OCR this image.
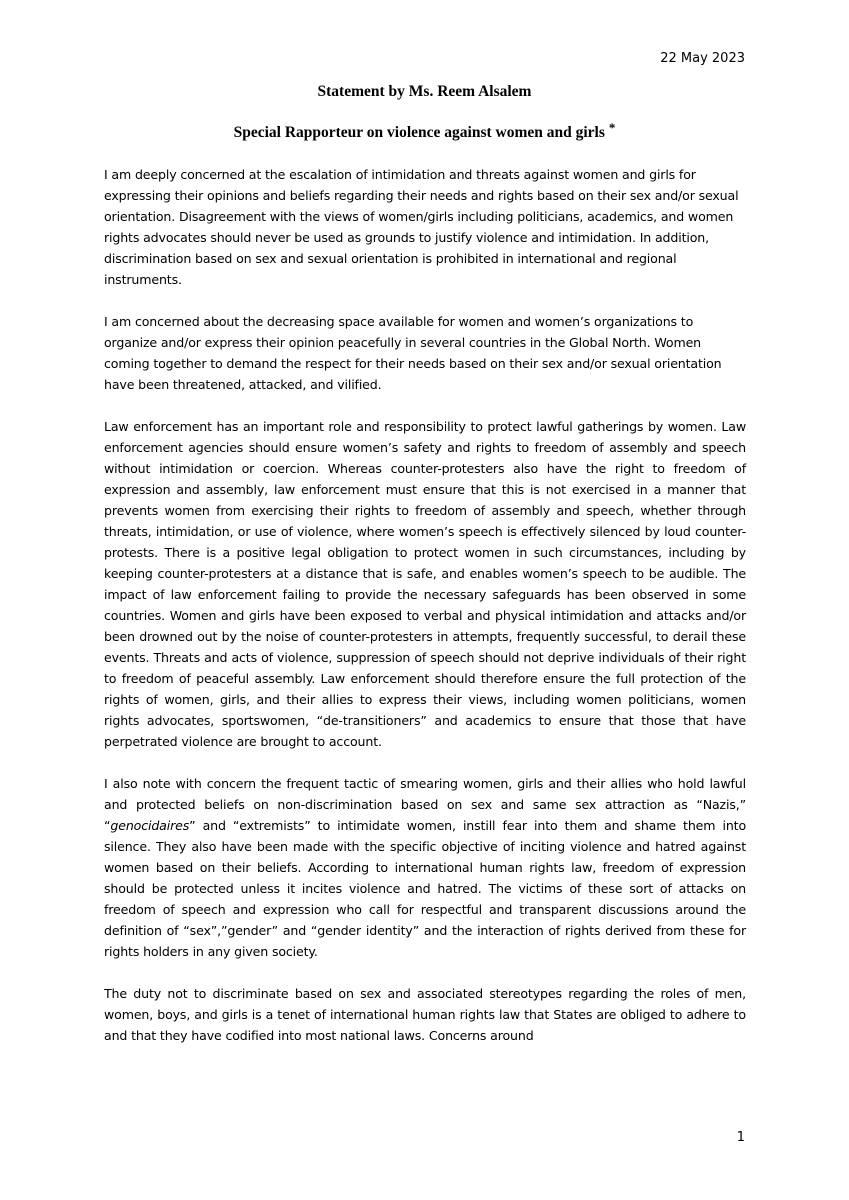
22 May 2023
Statement by Ms. Reem Alsalem
Special Rapporteur on violence against women and girls *

I am deeply concerned at the escalation of intimidation and threats against women and girls for expressing their opinions and beliefs regarding their needs and rights based on their sex and/or sexual orientation. Disagreement with the views of women/girls including politicians, academics, and women rights advocates should never be used as grounds to justify violence and intimidation. In addition, discrimination based on sex and sexual orientation is prohibited in international and regional instruments.

I am concerned about the decreasing space available for women and women’s organizations to organize and/or express their opinion peacefully in several countries in the Global North. Women coming together to demand the respect for their needs based on their sex and/or sexual orientation have been threatened, attacked, and vilified.

Law enforcement has an important role and responsibility to protect lawful gatherings by women. Law enforcement agencies should ensure women’s safety and rights to freedom of assembly and speech without intimidation or coercion. Whereas counter-protesters also have the right to freedom of expression and assembly, law enforcement must ensure that this is not exercised in a manner that prevents women from exercising their rights to freedom of assembly and speech, whether through threats, intimidation, or use of violence, where women’s speech is effectively silenced by loud counter-protests. There is a positive legal obligation to protect women in such circumstances, including by keeping counter-protesters at a distance that is safe, and enables women’s speech to be audible. The impact of law enforcement failing to provide the necessary safeguards has been observed in some countries. Women and girls have been exposed to verbal and physical intimidation and attacks and/or been drowned out by the noise of counter-protesters in attempts, frequently successful, to derail these events. Threats and acts of violence, suppression of speech should not deprive individuals of their right to freedom of peaceful assembly. Law enforcement should therefore ensure the full protection of the rights of women, girls, and their allies to express their views, including women politicians, women rights advocates, sportswomen, “de-transitioners” and academics to ensure that those that have perpetrated violence are brought to account.

I also note with concern the frequent tactic of smearing women, girls and their allies who hold lawful and protected beliefs on non-discrimination based on sex and same sex attraction as “Nazis,” “genocidaires” and “extremists” to intimidate women, instill fear into them and shame them into silence. They also have been made with the specific objective of inciting violence and hatred against women based on their beliefs. According to international human rights law, freedom of expression should be protected unless it incites violence and hatred. The victims of these sort of attacks on freedom of speech and expression who call for respectful and transparent discussions around the definition of “sex”,”gender” and “gender identity” and the interaction of rights derived from these for rights holders in any given society.

The duty not to discriminate based on sex and associated stereotypes regarding the roles of men, women, boys, and girls is a tenet of international human rights law that States are obliged to adhere to and that they have codified into most national laws. Concerns around

1
